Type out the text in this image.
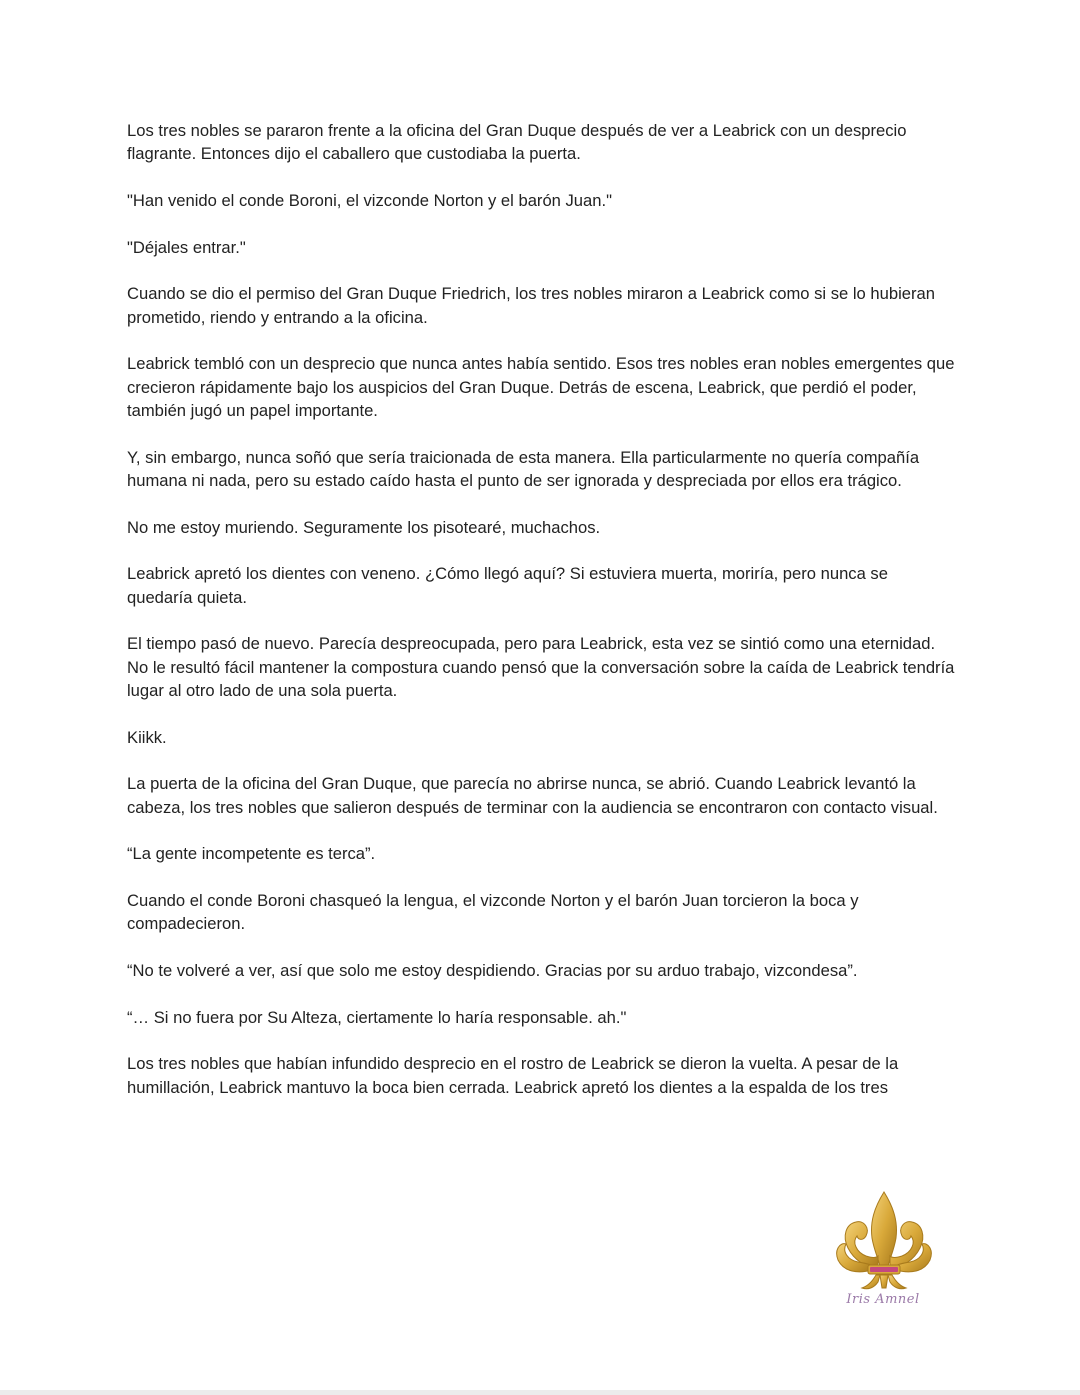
Los tres nobles se pararon frente a la oficina del Gran Duque después de ver a Leabrick con un desprecio flagrante. Entonces dijo el caballero que custodiaba la puerta.

"Han venido el conde Boroni, el vizconde Norton y el barón Juan."

"Déjales entrar."

Cuando se dio el permiso del Gran Duque Friedrich, los tres nobles miraron a Leabrick como si se lo hubieran prometido, riendo y entrando a la oficina.

Leabrick tembló con un desprecio que nunca antes había sentido. Esos tres nobles eran nobles emergentes que crecieron rápidamente bajo los auspicios del Gran Duque. Detrás de escena, Leabrick, que perdió el poder, también jugó un papel importante.

Y, sin embargo, nunca soñó que sería traicionada de esta manera. Ella particularmente no quería compañía humana ni nada, pero su estado caído hasta el punto de ser ignorada y despreciada por ellos era trágico.

No me estoy muriendo. Seguramente los pisotearé, muchachos.

Leabrick apretó los dientes con veneno. ¿Cómo llegó aquí? Si estuviera muerta, moriría, pero nunca se quedaría quieta.

El tiempo pasó de nuevo. Parecía despreocupada, pero para Leabrick, esta vez se sintió como una eternidad. No le resultó fácil mantener la compostura cuando pensó que la conversación sobre la caída de Leabrick tendría lugar al otro lado de una sola puerta.

Kiikk.

La puerta de la oficina del Gran Duque, que parecía no abrirse nunca, se abrió. Cuando Leabrick levantó la cabeza, los tres nobles que salieron después de terminar con la audiencia se encontraron con contacto visual.

“La gente incompetente es terca”.

Cuando el conde Boroni chasqueó la lengua, el vizconde Norton y el barón Juan torcieron la boca y compadecieron.

“No te volveré a ver, así que solo me estoy despidiendo. Gracias por su arduo trabajo, vizcondesa”.

“… Si no fuera por Su Alteza, ciertamente lo haría responsable. ah."

Los tres nobles que habían infundido desprecio en el rostro de Leabrick se dieron la vuelta. A pesar de la humillación, Leabrick mantuvo la boca bien cerrada. Leabrick apretó los dientes a la espalda de los tres

Iris Amnel
